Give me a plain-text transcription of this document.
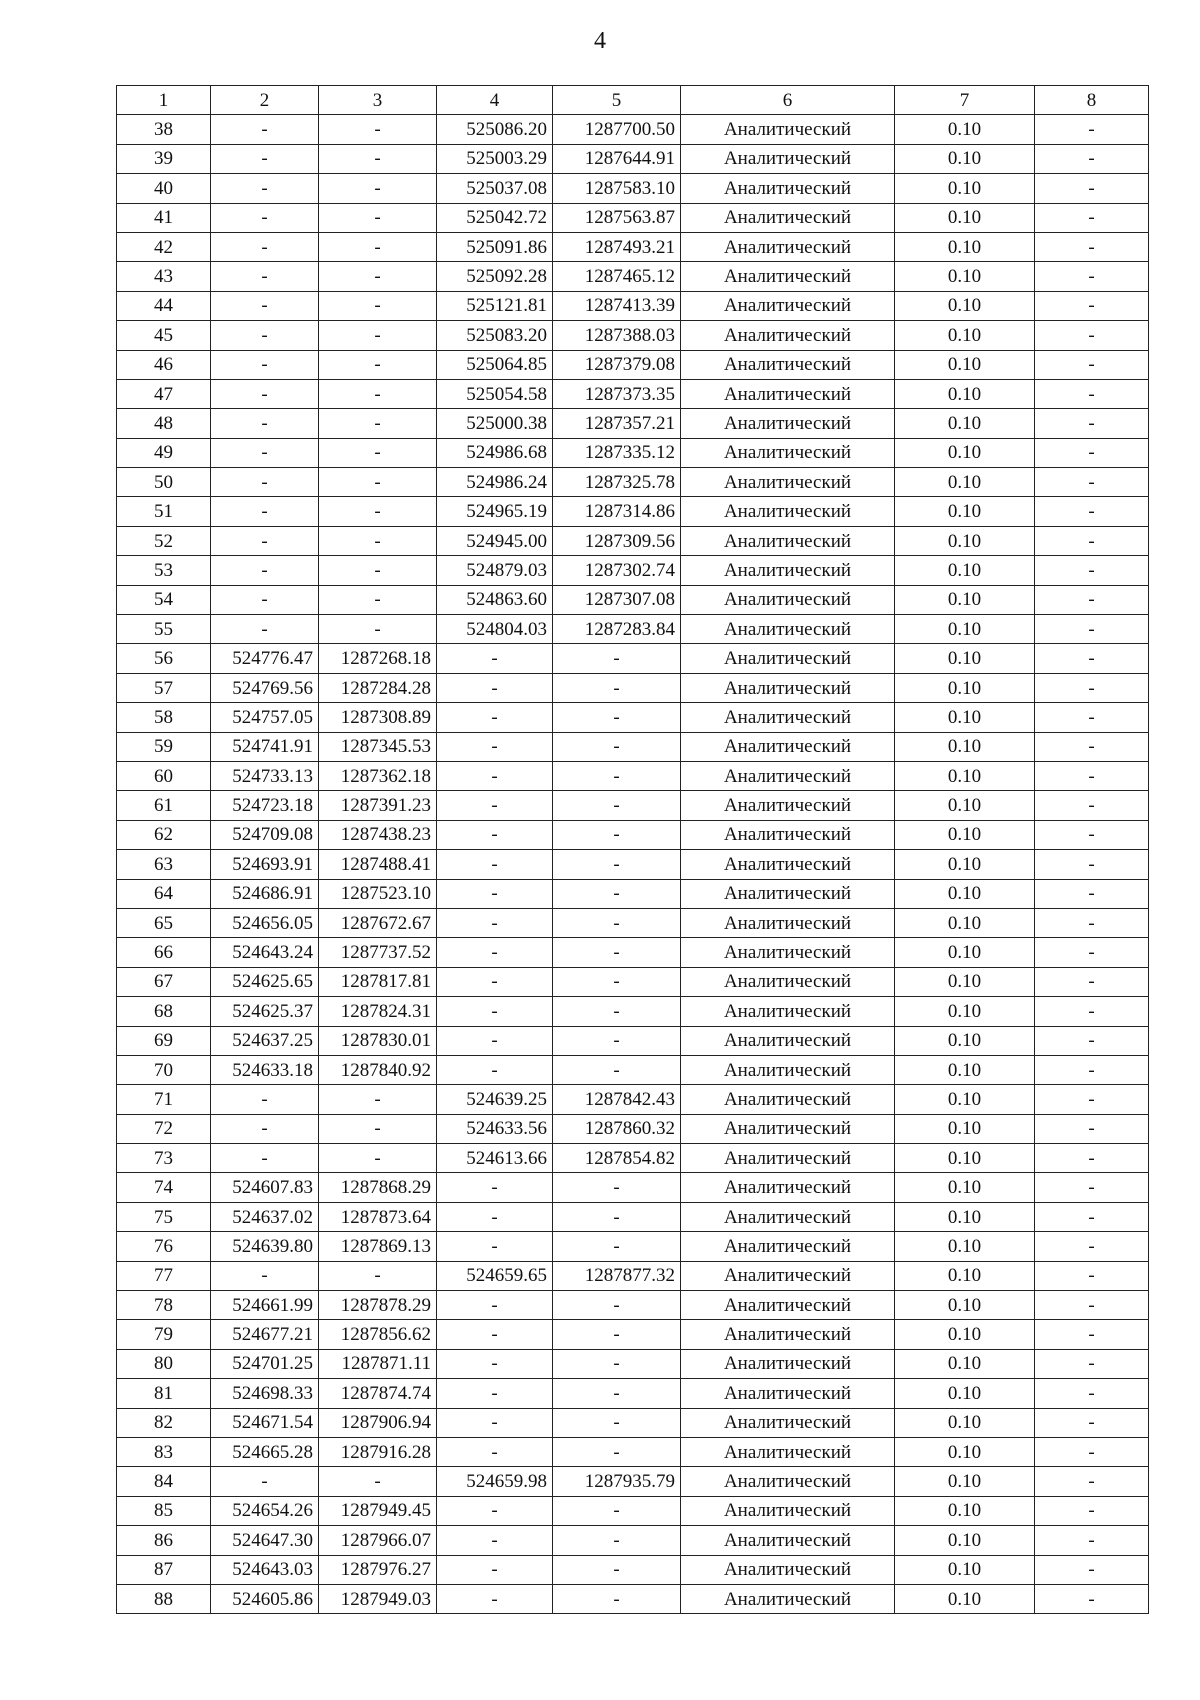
4
1	2	3	4	5	6	7	8
38	-	-	525086.20	1287700.50	Аналитический	0.10	-
39	-	-	525003.29	1287644.91	Аналитический	0.10	-
40	-	-	525037.08	1287583.10	Аналитический	0.10	-
41	-	-	525042.72	1287563.87	Аналитический	0.10	-
42	-	-	525091.86	1287493.21	Аналитический	0.10	-
43	-	-	525092.28	1287465.12	Аналитический	0.10	-
44	-	-	525121.81	1287413.39	Аналитический	0.10	-
45	-	-	525083.20	1287388.03	Аналитический	0.10	-
46	-	-	525064.85	1287379.08	Аналитический	0.10	-
47	-	-	525054.58	1287373.35	Аналитический	0.10	-
48	-	-	525000.38	1287357.21	Аналитический	0.10	-
49	-	-	524986.68	1287335.12	Аналитический	0.10	-
50	-	-	524986.24	1287325.78	Аналитический	0.10	-
51	-	-	524965.19	1287314.86	Аналитический	0.10	-
52	-	-	524945.00	1287309.56	Аналитический	0.10	-
53	-	-	524879.03	1287302.74	Аналитический	0.10	-
54	-	-	524863.60	1287307.08	Аналитический	0.10	-
55	-	-	524804.03	1287283.84	Аналитический	0.10	-
56	524776.47	1287268.18	-	-	Аналитический	0.10	-
57	524769.56	1287284.28	-	-	Аналитический	0.10	-
58	524757.05	1287308.89	-	-	Аналитический	0.10	-
59	524741.91	1287345.53	-	-	Аналитический	0.10	-
60	524733.13	1287362.18	-	-	Аналитический	0.10	-
61	524723.18	1287391.23	-	-	Аналитический	0.10	-
62	524709.08	1287438.23	-	-	Аналитический	0.10	-
63	524693.91	1287488.41	-	-	Аналитический	0.10	-
64	524686.91	1287523.10	-	-	Аналитический	0.10	-
65	524656.05	1287672.67	-	-	Аналитический	0.10	-
66	524643.24	1287737.52	-	-	Аналитический	0.10	-
67	524625.65	1287817.81	-	-	Аналитический	0.10	-
68	524625.37	1287824.31	-	-	Аналитический	0.10	-
69	524637.25	1287830.01	-	-	Аналитический	0.10	-
70	524633.18	1287840.92	-	-	Аналитический	0.10	-
71	-	-	524639.25	1287842.43	Аналитический	0.10	-
72	-	-	524633.56	1287860.32	Аналитический	0.10	-
73	-	-	524613.66	1287854.82	Аналитический	0.10	-
74	524607.83	1287868.29	-	-	Аналитический	0.10	-
75	524637.02	1287873.64	-	-	Аналитический	0.10	-
76	524639.80	1287869.13	-	-	Аналитический	0.10	-
77	-	-	524659.65	1287877.32	Аналитический	0.10	-
78	524661.99	1287878.29	-	-	Аналитический	0.10	-
79	524677.21	1287856.62	-	-	Аналитический	0.10	-
80	524701.25	1287871.11	-	-	Аналитический	0.10	-
81	524698.33	1287874.74	-	-	Аналитический	0.10	-
82	524671.54	1287906.94	-	-	Аналитический	0.10	-
83	524665.28	1287916.28	-	-	Аналитический	0.10	-
84	-	-	524659.98	1287935.79	Аналитический	0.10	-
85	524654.26	1287949.45	-	-	Аналитический	0.10	-
86	524647.30	1287966.07	-	-	Аналитический	0.10	-
87	524643.03	1287976.27	-	-	Аналитический	0.10	-
88	524605.86	1287949.03	-	-	Аналитический	0.10	-
